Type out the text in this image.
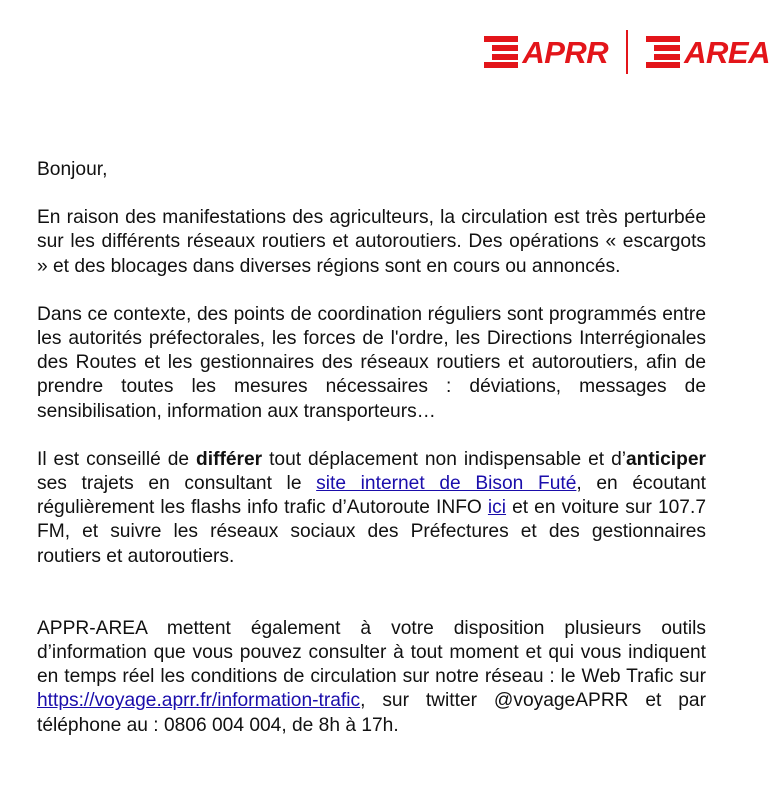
APRR AREA

Bonjour,

En raison des manifestations des agriculteurs, la circulation est très perturbée sur les différents réseaux routiers et autoroutiers. Des opérations « escargots » et des blocages dans diverses régions sont en cours ou annoncés.

Dans ce contexte, des points de coordination réguliers sont programmés entre les autorités préfectorales, les forces de l'ordre, les Directions Interrégionales des Routes et les gestionnaires des réseaux routiers et autoroutiers, afin de prendre toutes les mesures nécessaires : déviations, messages de sensibilisation, information aux transporteurs…

Il est conseillé de différer tout déplacement non indispensable et d’anticiper ses trajets en consultant le site internet de Bison Futé, en écoutant régulièrement les flashs info trafic d’Autoroute INFO ici et en voiture sur 107.7 FM, et suivre les réseaux sociaux des Préfectures et des gestionnaires routiers et autoroutiers.

APPR-AREA mettent également à votre disposition plusieurs outils d’information que vous pouvez consulter à tout moment et qui vous indiquent en temps réel les conditions de circulation sur notre réseau : le Web Trafic sur https://voyage.aprr.fr/information-trafic, sur twitter @voyageAPRR et par téléphone au : 0806 004 004, de 8h à 17h.
